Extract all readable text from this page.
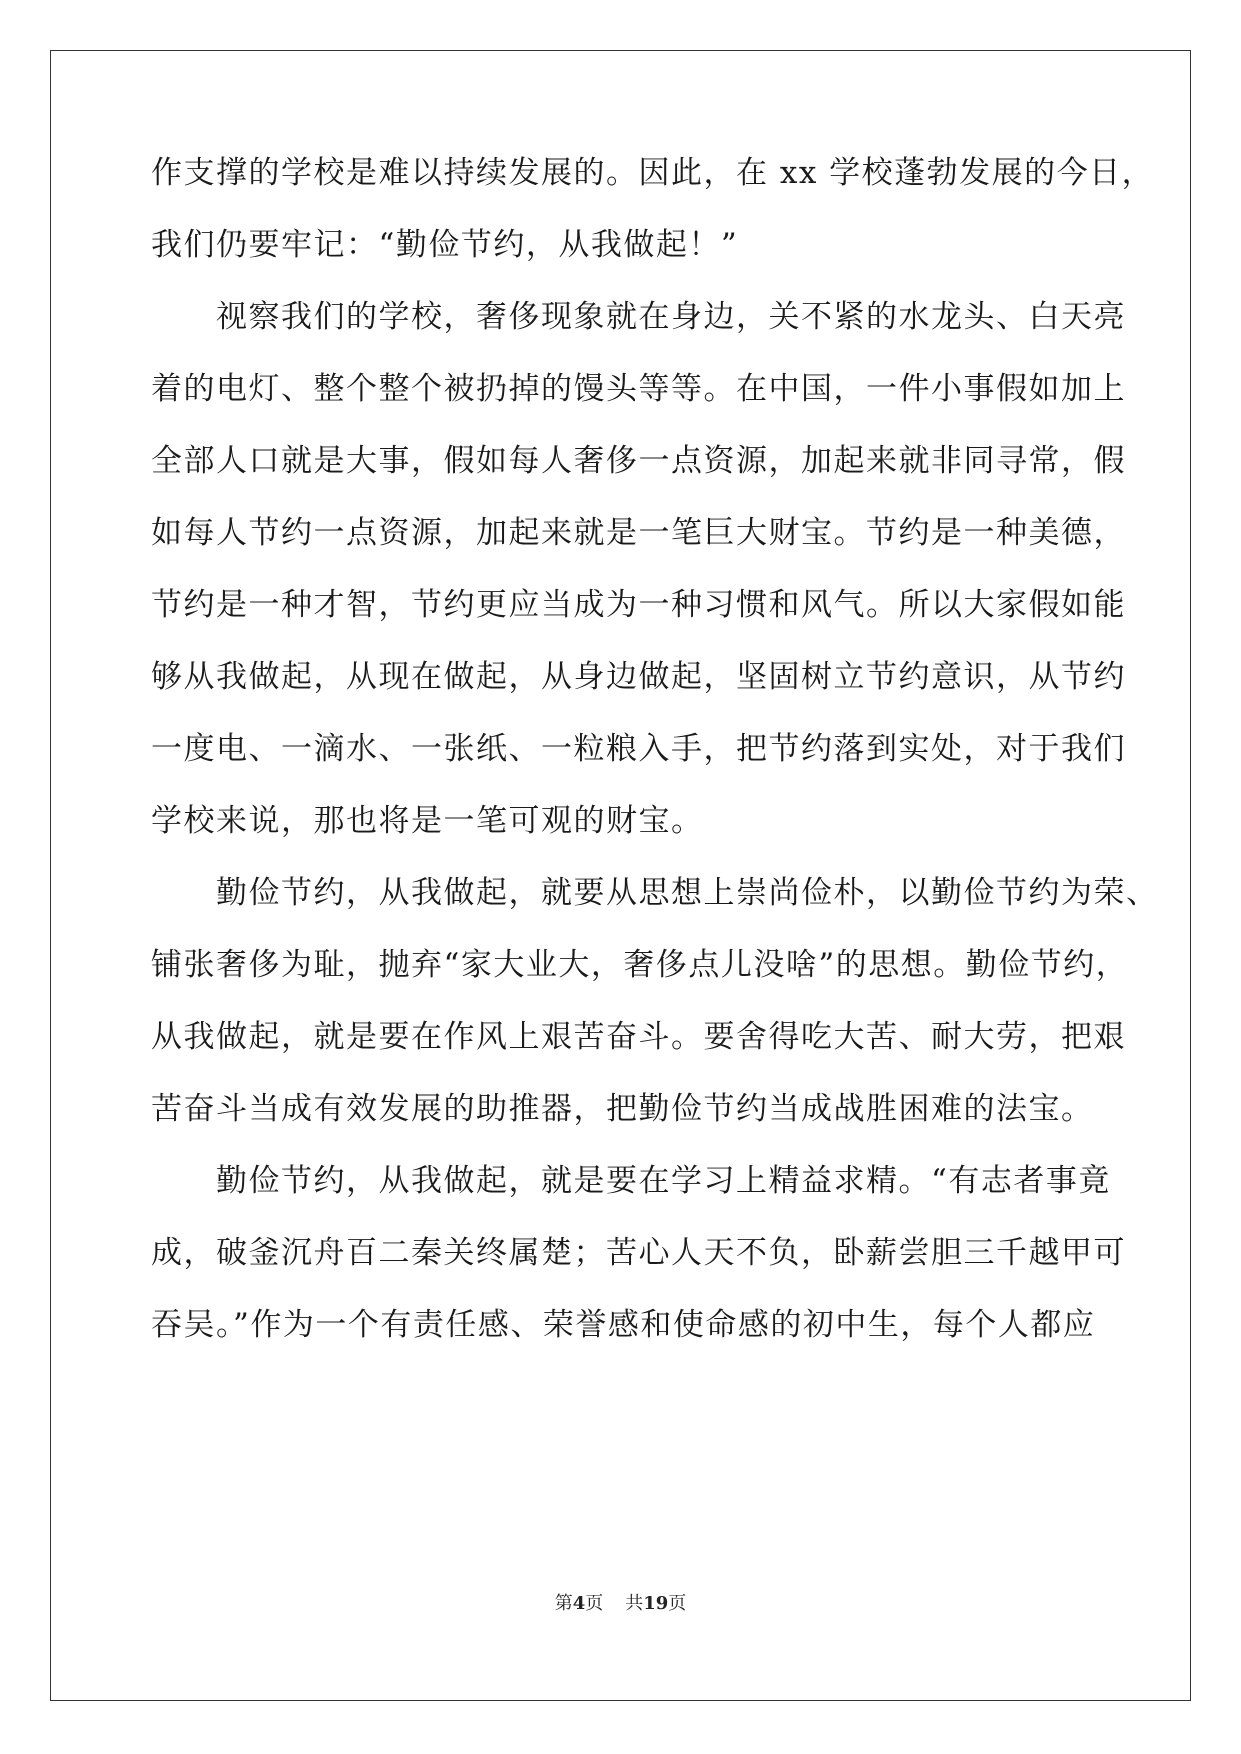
作支撑的学校是难以持续发展的。因此，在 xx 学校蓬勃发展的今日，
我们仍要牢记：“勤俭节约，从我做起！”
　　视察我们的学校，奢侈现象就在身边，关不紧的水龙头、白天亮
着的电灯、整个整个被扔掉的馒头等等。在中国，一件小事假如加上
全部人口就是大事，假如每人奢侈一点资源，加起来就非同寻常，假
如每人节约一点资源，加起来就是一笔巨大财宝。节约是一种美德，
节约是一种才智，节约更应当成为一种习惯和风气。所以大家假如能
够从我做起，从现在做起，从身边做起，坚固树立节约意识，从节约
一度电、一滴水、一张纸、一粒粮入手，把节约落到实处，对于我们
学校来说，那也将是一笔可观的财宝。
　　勤俭节约，从我做起，就要从思想上崇尚俭朴，以勤俭节约为荣、
铺张奢侈为耻，抛弃“家大业大，奢侈点儿没啥”的思想。勤俭节约，
从我做起，就是要在作风上艰苦奋斗。要舍得吃大苦、耐大劳，把艰
苦奋斗当成有效发展的助推器，把勤俭节约当成战胜困难的法宝。
　　勤俭节约，从我做起，就是要在学习上精益求精。“有志者事竟
成，破釜沉舟百二秦关终属楚；苦心人天不负，卧薪尝胆三千越甲可
吞吴。”作为一个有责任感、荣誉感和使命感的初中生，每个人都应
第4页 共19页
